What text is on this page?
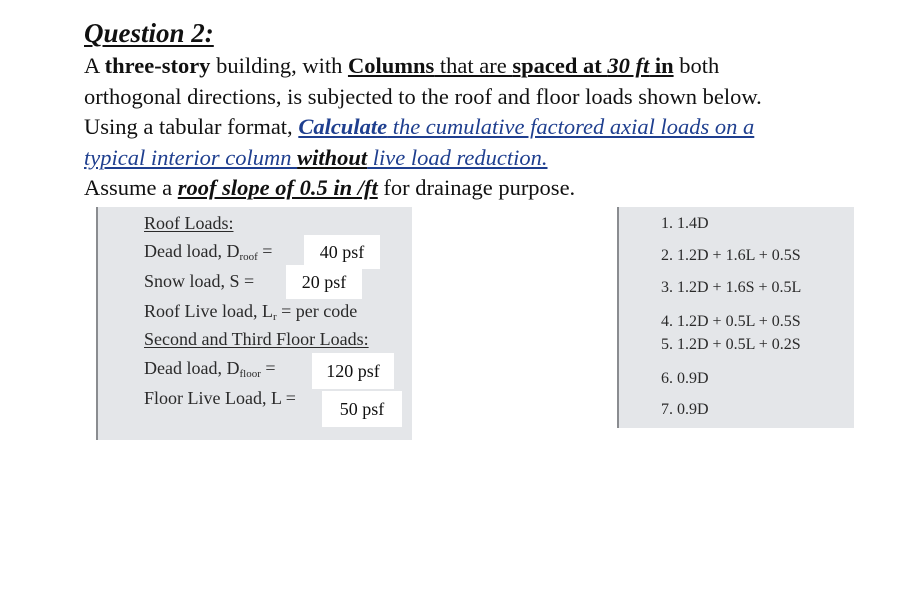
Question 2:
A three-story building, with Columns that are spaced at 30 ft in both
orthogonal directions, is subjected to the roof and floor loads shown below.
Using a tabular format, Calculate the cumulative factored axial loads on a
typical interior column without live load reduction.
Assume a roof slope of 0.5 in /ft for drainage purpose.
Roof Loads:
Dead load, $D_{roof}$ =	40 psf
Snow load, S =	20 psf
Roof Live load, $L_r$ = per code
Second and Third Floor Loads:
Dead load, $D_{floor}$ =	120 psf
Floor Live Load, L =
50 psf
1. 1.4D
2. 1.2D + 1.6L + 0.5S
3. 1.2D + 1.6S + 0.5L
4. 1.2D + 0.5L + 0.5S
5. 1.2D + 0.5L + 0.2S
6. 0.9D
7. 0.9D
